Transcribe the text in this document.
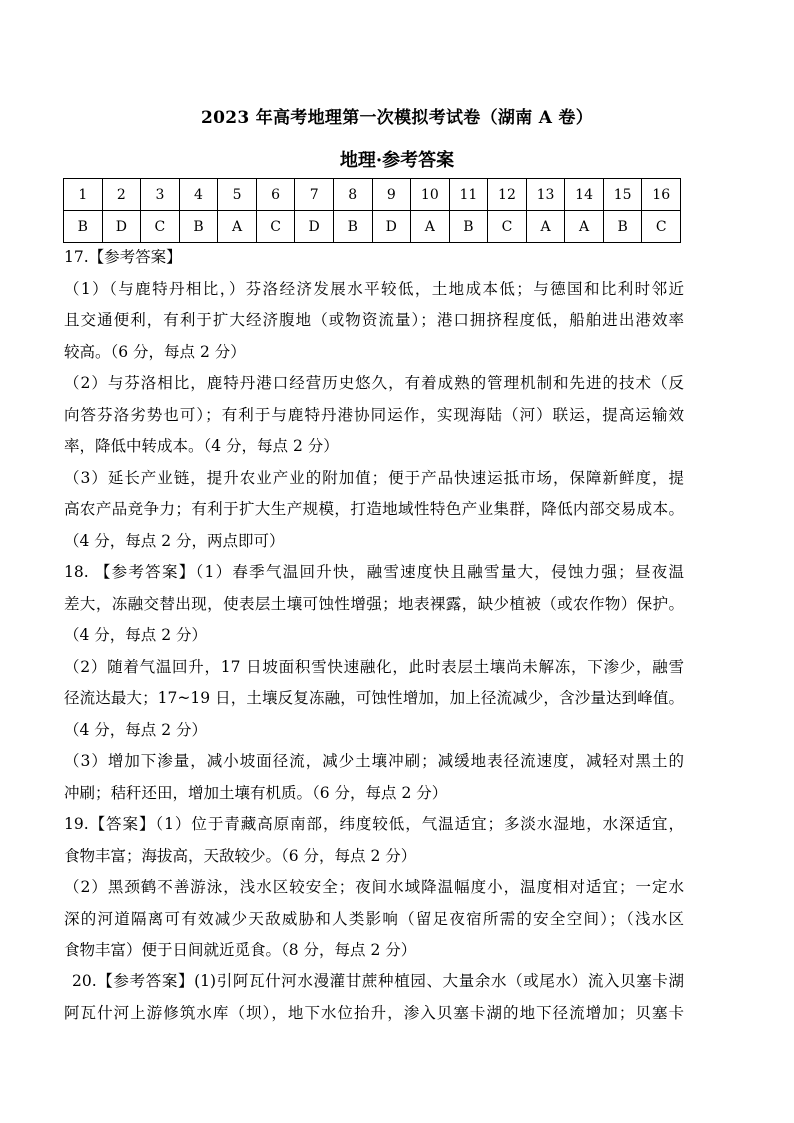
2023 年高考地理第一次模拟考试卷（湖南 A 卷）
地理·参考答案
1	2	3	4	5	6	7	8	9	10	11	12	13	14	15	16
B	D	C	B	A	C	D	B	D	A	B	C	A	A	B	C
17.【参考答案】
（1）（与鹿特丹相比，）芬洛经济发展水平较低，土地成本低；与德国和比利时邻近
且交通便利，有利于扩大经济腹地（或物资流量）；港口拥挤程度低，船舶进出港效率
较高。（6 分，每点 2 分）
（2）与芬洛相比，鹿特丹港口经营历史悠久，有着成熟的管理机制和先进的技术（反
向答芬洛劣势也可）；有利于与鹿特丹港协同运作，实现海陆（河）联运，提高运输效
率，降低中转成本。（4 分，每点 2 分）
（3）延长产业链，提升农业产业的附加值；便于产品快速运抵市场，保障新鲜度，提
高农产品竞争力；有利于扩大生产规模，打造地域性特色产业集群，降低内部交易成本。
（4 分，每点 2 分，两点即可）
18. 【参考答案】（1）春季气温回升快，融雪速度快且融雪量大，侵蚀力强；昼夜温
差大，冻融交替出现，使表层土壤可蚀性增强；地表裸露，缺少植被（或农作物）保护。
（4 分，每点 2 分）
（2）随着气温回升，17 日坡面积雪快速融化，此时表层土壤尚未解冻，下渗少，融雪
径流达最大；17~19 日，土壤反复冻融，可蚀性增加，加上径流减少，含沙量达到峰值。
（4 分，每点 2 分）
（3）增加下渗量，减小坡面径流，减少土壤冲刷；减缓地表径流速度，减轻对黑土的
冲刷；秸秆还田，增加土壤有机质。（6 分，每点 2 分）
19.【答案】（1）位于青藏高原南部，纬度较低，气温适宜；多淡水湿地，水深适宜，
食物丰富；海拔高，天敌较少。（6 分，每点 2 分）
（2）黑颈鹤不善游泳，浅水区较安全；夜间水域降温幅度小，温度相对适宜；一定水
深的河道隔离可有效减少天敌威胁和人类影响（留足夜宿所需的安全空间）；（浅水区
食物丰富）便于日间就近觅食。（8 分，每点 2 分）
20.【参考答案】(1)引阿瓦什河水漫灌甘蔗种植园、大量余水（或尾水）流入贝塞卡湖
阿瓦什河上游修筑水库（坝），地下水位抬升，渗入贝塞卡湖的地下径流增加；贝塞卡
